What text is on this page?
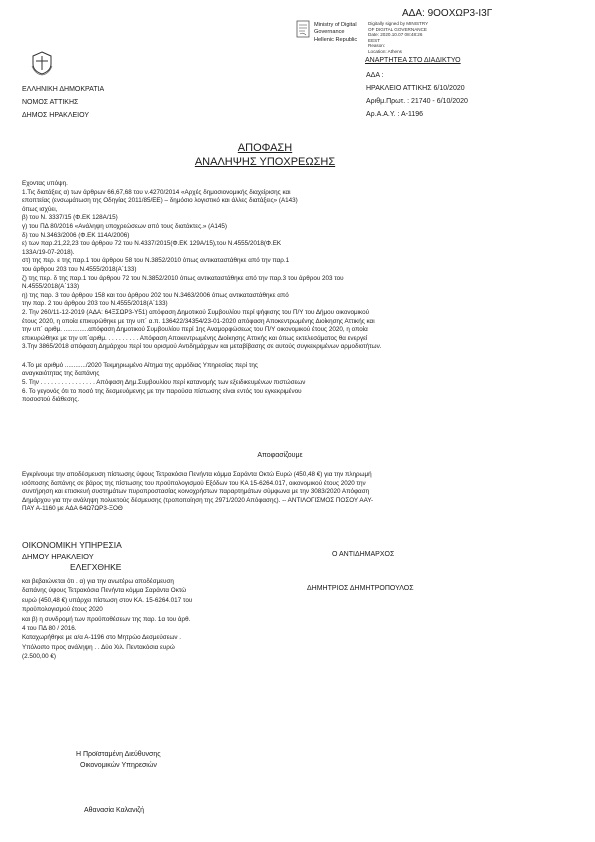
ΑΔΑ: 9ΟΟΧΩΡ3-Ι3Γ
Ministry of Digital
Governance
Hellenic Republic
Digitally signed by MINISTRY
OF DIGITAL GOVERNANCE
Date: 2020.10.07 08:48:26
EEST
Reason:
Location: Athens
ΕΛΛΗΝΙΚΗ ΔΗΜΟΚΡΑΤΙΑ
ΝΟΜΟΣ ΑΤΤΙΚΗΣ
ΔΗΜΟΣ ΗΡΑΚΛΕΙΟΥ
ΑΝΑΡΤΗΤΕΑ ΣΤΟ ΔΙΑΔΙΚΤΥΟ
ΑΔΑ :
ΗΡΑΚΛΕΙΟ ΑΤΤΙΚΗΣ 6/10/2020
Αριθμ.Πρωτ. : 21740 - 6/10/2020
Αρ.Α.Α.Υ. : Α-1196
ΑΠΟΦΑΣΗ
ΑΝΑΛΗΨΗΣ ΥΠΟΧΡΕΩΣΗΣ
Εχοντας υπόψη.
1.Τις διατάξεις α) των άρθρων 66,67,68 του ν.4270/2014 «Αρχές δημοσιονομικής διαχείρισης και
εποπτείας (ενσωμάτωση της Οδηγίας 2011/85/ΕΕ) – δημόσιο λογιστικό και άλλες διατάξεις» (Α143)
όπως ισχύει,
β) του Ν. 3337/15 (Φ.ΕΚ 128Α/15)
γ) του ΠΔ 80/2016 «Ανάληψη υποχρεώσεων από τους διατάκτες.» (Α145)
δ) του Ν.3463/2006 (Φ.ΕΚ 114Α/2006)
ε) των παρ.21,22,23 του άρθρου 72 του Ν.4337/2015(Φ.ΕΚ 129Α/15),του Ν.4555/2018(Φ.ΕΚ
133Α/19-07-2018).
στ) της περ. ε της παρ.1 του άρθρου 58 του Ν.3852/2010 όπως αντικαταστάθηκε από την παρ.1
του άρθρου 203 του Ν.4555/2018(Α΄133)
ζ) της περ. δ της παρ.1 του άρθρου 72 του Ν.3852/2010 όπως αντικαταστάθηκε από την παρ.3 του άρθρου 203 του
Ν.4555/2018(Α΄133)
η) της παρ. 3 του άρθρου 158 και του άρθρου 202 του Ν.3463/2006 όπως αντικαταστάθηκε από
την παρ. 2 του άρθρου 203 του Ν.4555/2018(Α΄133)
2. Την 260/11-12-2019 (ΑΔΑ: 64ΞΣΩΡ3-Υ51) απόφαση Δημοτικού Συμβουλίου περί ψήφισης του Π/Υ του Δήμου οικονομικού
έτους 2020, η οποία επικυρώθηκε με την υπ΄ α.π. 136422/34354/23-01-2020 απόφαση Αποκεντρωμένης Διοίκησης Αττικής και
την υπ΄ αριθμ. ..............απόφαση Δημοτικού Συμβουλίου περί 1ης Αναμορφώσεως του Π/Υ οικονομικού έτους 2020, η οποία
επικυρώθηκε με την υπ΄αριθμ. . . . . . . . . . Απόφαση Αποκεντρωμένης Διοίκησης Αττικής και όπως εκτελεσάματος θα ενεργεί
3.Την 3865/2018 απόφαση Δημάρχου περί του ορισμού Αντιδημάρχων και μεταβίβασης σε αυτούς συγκεκριμένων αρμοδιοτήτων.
4.Το με αριθμό ............/2020 Τεκμηριωμένο Αίτημα της αρμόδιας Υπηρεσίας περί της
αναγκαιότητας της δαπάνης
5. Την . . . . . . . . . . . . . . . . Απόφαση Δημ.Συμβουλίου περί κατανομής των εξειδικευμένων πιστώσεων
6. Το γεγονός ότι το ποσό της δεσμευόμενης με την παρούσα πίστωσης είναι εντός του εγκεκριμένου
ποσοστού διάθεσης.
Αποφασίζουμε
Εγκρίνουμε την αποδέσμευση πίστωσης ύψους Τετρακόσια Πενήντα κόμμα Σαράντα Οκτώ Ευρώ (450,48 €) για την πληρωμή
ισόποσης δαπάνης σε βάρος της πίστωσης του προϋπολογισμού Εξόδων του ΚΑ 15-6264.017, οικονομικού έτους 2020 την
συντήρηση και επισκευή συστημάτων πυροπροστασίας κοινοχρήστων παραρτημάτων σύμφωνα με την 3083/2020 Απόφαση
Δημάρχου για την ανάληψη πολυετούς δέσμευσης (τροποποίηση της 2971/2020 Απόφασης). -- ΑΝΤΙΛΟΓΙΣΜΟΣ ΠΟΣΟΥ ΑΑΥ-
ΠΑΥ Α-1160 με ΑΔΑ 64Ω7ΩΡ3-ΞΟΘ
ΟΙΚΟΝΟΜΙΚΗ ΥΠΗΡΕΣΙΑ
ΔΗΜΟΥ ΗΡΑΚΛΕΙΟΥ
ΕΛΕΓΧΘΗΚΕ
και βεβαιώνεται ότι . α) για την ανωτέρω αποδέσμευση
δαπάνης ύψους Τετρακόσια Πενήντα κόμμα Σαράντα Οκτώ
ευρώ (450,48 €) υπάρχει πίστωση στον ΚΑ. 15-6264.017 του
προϋπολογισμού έτους 2020
και β) η συνδρομή των προϋποθέσεων της παρ. 1α του άρθ.
4 του ΠΔ 80 / 2016.
Καταχωρήθηκε με α/α Α-1196 στο Μητρώο Δεσμεύσεων .
Υπόλοιπο προς ανάληψη . . Δύο Χιλ. Πεντακόσια ευρώ
(2.500,00 €)
Ο ΑΝΤΙΔΗΜΑΡΧΟΣ
ΔΗΜΗΤΡΙΟΣ ΔΗΜΗΤΡΟΠΟΥΛΟΣ
Η Προϊσταμένη Διεύθυνσης
Οικονομικών Υπηρεσιών
Αθανασία Καλανιζή
